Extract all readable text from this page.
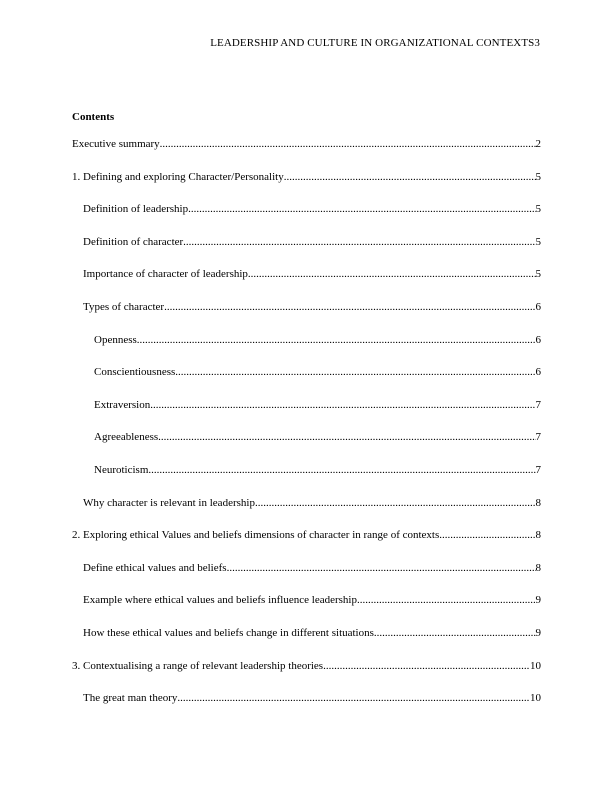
LEADERSHIP AND CULTURE IN ORGANIZATIONAL CONTEXTS3
Contents
Executive summary .....	2
1. Defining and exploring Character/Personality .....	5
Definition of leadership .....	5
Definition of character .....	5
Importance of character of leadership .....	5
Types of character .....	6
Openness .....	6
Conscientiousness .....	6
Extraversion .....	7
Agreeableness .....	7
Neuroticism .....	7
Why character is relevant in leadership .....	8
2. Exploring ethical Values and beliefs dimensions of character in range of contexts .....	8
Define ethical values and beliefs .....	8
Example where ethical values and beliefs influence leadership .....	9
How these ethical values and beliefs change in different situations .....	9
3. Contextualising a range of relevant leadership theories .....	10
The great man theory .....	10
